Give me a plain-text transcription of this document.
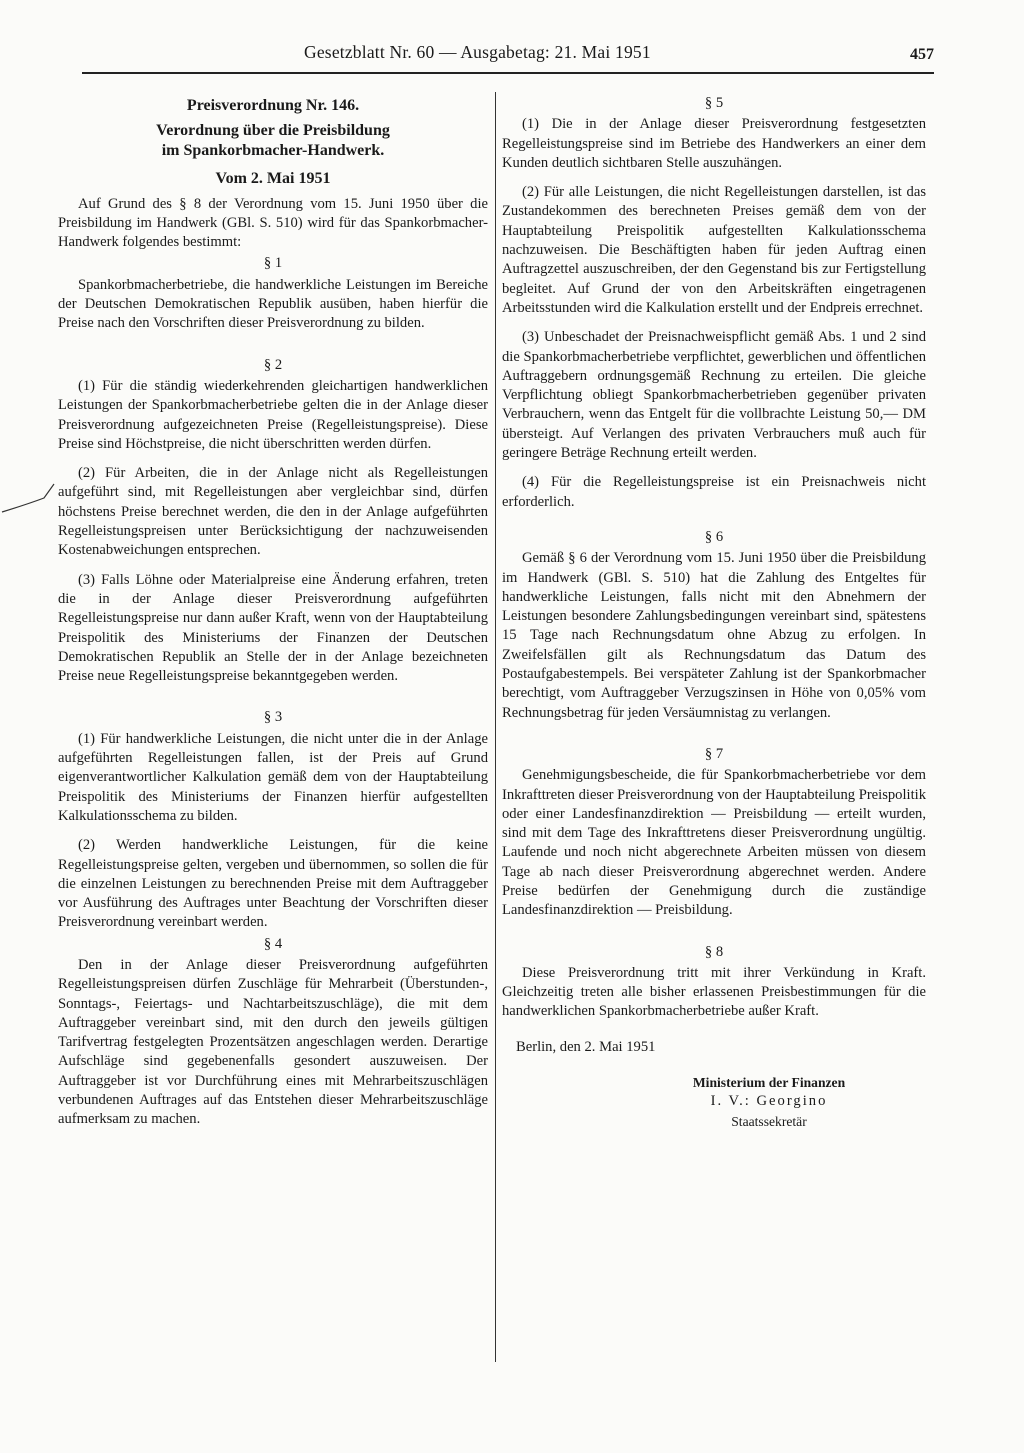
Gesetzblatt Nr. 60 — Ausgabetag: 21. Mai 1951	457
Preisverordnung Nr. 146.
Verordnung über die Preisbildung
im Spankorbmacher-Handwerk.
Vom 2. Mai 1951

Auf Grund des § 8 der Verordnung vom 15. Juni 1950 über die Preisbildung im Handwerk (GBl. S. 510) wird für das Spankorbmacher-Handwerk folgendes bestimmt:

§ 1

Spankorbmacherbetriebe, die handwerkliche Leistungen im Bereiche der Deutschen Demokratischen Republik ausüben, haben hierfür die Preise nach den Vorschriften dieser Preisverordnung zu bilden.

§ 2

(1) Für die ständig wiederkehrenden gleichartigen handwerklichen Leistungen der Spankorbmacherbetriebe gelten die in der Anlage dieser Preisverordnung aufgezeichneten Preise (Regelleistungspreise). Diese Preise sind Höchstpreise, die nicht überschritten werden dürfen.

(2) Für Arbeiten, die in der Anlage nicht als Regelleistungen aufgeführt sind, mit Regelleistungen aber vergleichbar sind, dürfen höchstens Preise berechnet werden, die den in der Anlage aufgeführten Regelleistungspreisen unter Berücksichtigung der nachzuweisenden Kostenabweichungen entsprechen.

(3) Falls Löhne oder Materialpreise eine Änderung erfahren, treten die in der Anlage dieser Preisverordnung aufgeführten Regelleistungspreise nur dann außer Kraft, wenn von der Hauptabteilung Preispolitik des Ministeriums der Finanzen der Deutschen Demokratischen Republik an Stelle der in der Anlage bezeichneten Preise neue Regelleistungspreise bekanntgegeben werden.

§ 3

(1) Für handwerkliche Leistungen, die nicht unter die in der Anlage aufgeführten Regelleistungen fallen, ist der Preis auf Grund eigenverantwortlicher Kalkulation gemäß dem von der Hauptabteilung Preispolitik des Ministeriums der Finanzen hierfür aufgestellten Kalkulationsschema zu bilden.

(2) Werden handwerkliche Leistungen, für die keine Regelleistungspreise gelten, vergeben und übernommen, so sollen die für die einzelnen Leistungen zu berechnenden Preise mit dem Auftraggeber vor Ausführung des Auftrages unter Beachtung der Vorschriften dieser Preisverordnung vereinbart werden.

§ 4

Den in der Anlage dieser Preisverordnung aufgeführten Regelleistungspreisen dürfen Zuschläge für Mehrarbeit (Überstunden-, Sonntags-, Feiertags- und Nachtarbeitszuschläge), die mit dem Auftraggeber vereinbart sind, mit den durch den jeweils gültigen Tarifvertrag festgelegten Prozentsätzen angeschlagen werden. Derartige Aufschläge sind gegebenenfalls gesondert auszuweisen. Der Auftraggeber ist vor Durchführung eines mit Mehrarbeitszuschlägen verbundenen Auftrages auf das Entstehen dieser Mehrarbeitszuschläge aufmerksam zu machen.

§ 5

(1) Die in der Anlage dieser Preisverordnung festgesetzten Regelleistungspreise sind im Betriebe des Handwerkers an einer dem Kunden deutlich sichtbaren Stelle auszuhängen.

(2) Für alle Leistungen, die nicht Regelleistungen darstellen, ist das Zustandekommen des berechneten Preises gemäß dem von der Hauptabteilung Preispolitik aufgestellten Kalkulationsschema nachzuweisen. Die Beschäftigten haben für jeden Auftrag einen Auftragzettel auszuschreiben, der den Gegenstand bis zur Fertigstellung begleitet. Auf Grund der von den Arbeitskräften eingetragenen Arbeitsstunden wird die Kalkulation erstellt und der Endpreis errechnet.

(3) Unbeschadet der Preisnachweispflicht gemäß Abs. 1 und 2 sind die Spankorbmacherbetriebe verpflichtet, gewerblichen und öffentlichen Auftraggebern ordnungsgemäß Rechnung zu erteilen. Die gleiche Verpflichtung obliegt Spankorbmacherbetrieben gegenüber privaten Verbrauchern, wenn das Entgelt für die vollbrachte Leistung 50,— DM übersteigt. Auf Verlangen des privaten Verbrauchers muß auch für geringere Beträge Rechnung erteilt werden.

(4) Für die Regelleistungspreise ist ein Preisnachweis nicht erforderlich.

§ 6

Gemäß § 6 der Verordnung vom 15. Juni 1950 über die Preisbildung im Handwerk (GBl. S. 510) hat die Zahlung des Entgeltes für handwerkliche Leistungen, falls nicht mit den Abnehmern der Leistungen besondere Zahlungsbedingungen vereinbart sind, spätestens 15 Tage nach Rechnungsdatum ohne Abzug zu erfolgen. In Zweifelsfällen gilt als Rechnungsdatum das Datum des Postaufgabestempels. Bei verspäteter Zahlung ist der Spankorbmacher berechtigt, vom Auftraggeber Verzugszinsen in Höhe von 0,05% vom Rechnungsbetrag für jeden Versäumnistag zu verlangen.

§ 7

Genehmigungsbescheide, die für Spankorbmacherbetriebe vor dem Inkrafttreten dieser Preisverordnung von der Hauptabteilung Preispolitik oder einer Landesfinanzdirektion — Preisbildung — erteilt wurden, sind mit dem Tage des Inkrafttretens dieser Preisverordnung ungültig. Laufende und noch nicht abgerechnete Arbeiten müssen von diesem Tage ab nach dieser Preisverordnung abgerechnet werden. Andere Preise bedürfen der Genehmigung durch die zuständige Landesfinanzdirektion — Preisbildung.

§ 8

Diese Preisverordnung tritt mit ihrer Verkündung in Kraft. Gleichzeitig treten alle bisher erlassenen Preisbestimmungen für die handwerklichen Spankorbmacherbetriebe außer Kraft.

Berlin, den 2. Mai 1951
Ministerium der Finanzen
I. V.: Georgino
Staatssekretär
